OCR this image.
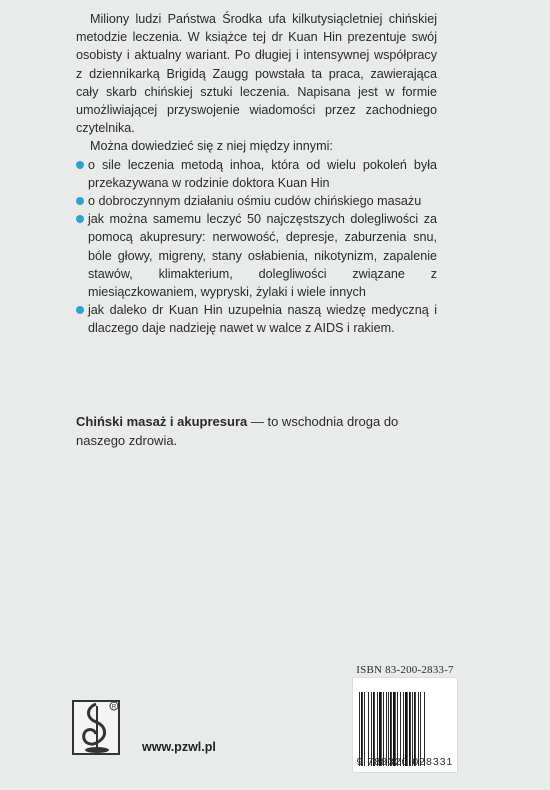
Miliony ludzi Państwa Środka ufa kilkutysiącletniej chińskiej metodzie leczenia. W książce tej dr Kuan Hin prezentuje swój osobisty i aktualny wariant. Po długiej i intensywnej współpracy z dziennikarką Brigidą Zaugg powstała ta praca, zawierająca cały skarb chińskiej sztuki leczenia. Napisana jest w formie umożliwiającej przyswojenie wiadomości przez zachodniego czytelnika.

Można dowiedzieć się z niej między innymi:

o sile leczenia metodą inhoa, która od wielu pokoleń była przekazywana w rodzinie doktora Kuan Hin
o dobroczynnym działaniu ośmiu cudów chińskiego masażu
jak można samemu leczyć 50 najczęstszych dolegliwości za pomocą akupresury: nerwowość, depresje, zaburzenia snu, bóle głowy, migreny, stany osłabienia, nikotynizm, zapalenie stawów, klimakterium, dolegliwości związane z miesiączkowaniem, wypryski, żylaki i wiele innych
jak daleko dr Kuan Hin uzupełnia naszą wiedzę medyczną i dlaczego daje nadzieję nawet w walce z AIDS i rakiem.
Chiński masaż i akupresura — to wschodnia droga do naszego zdrowia.
ISBN 83-200-2833-7
9 788320 028331
R
www.pzwl.pl
